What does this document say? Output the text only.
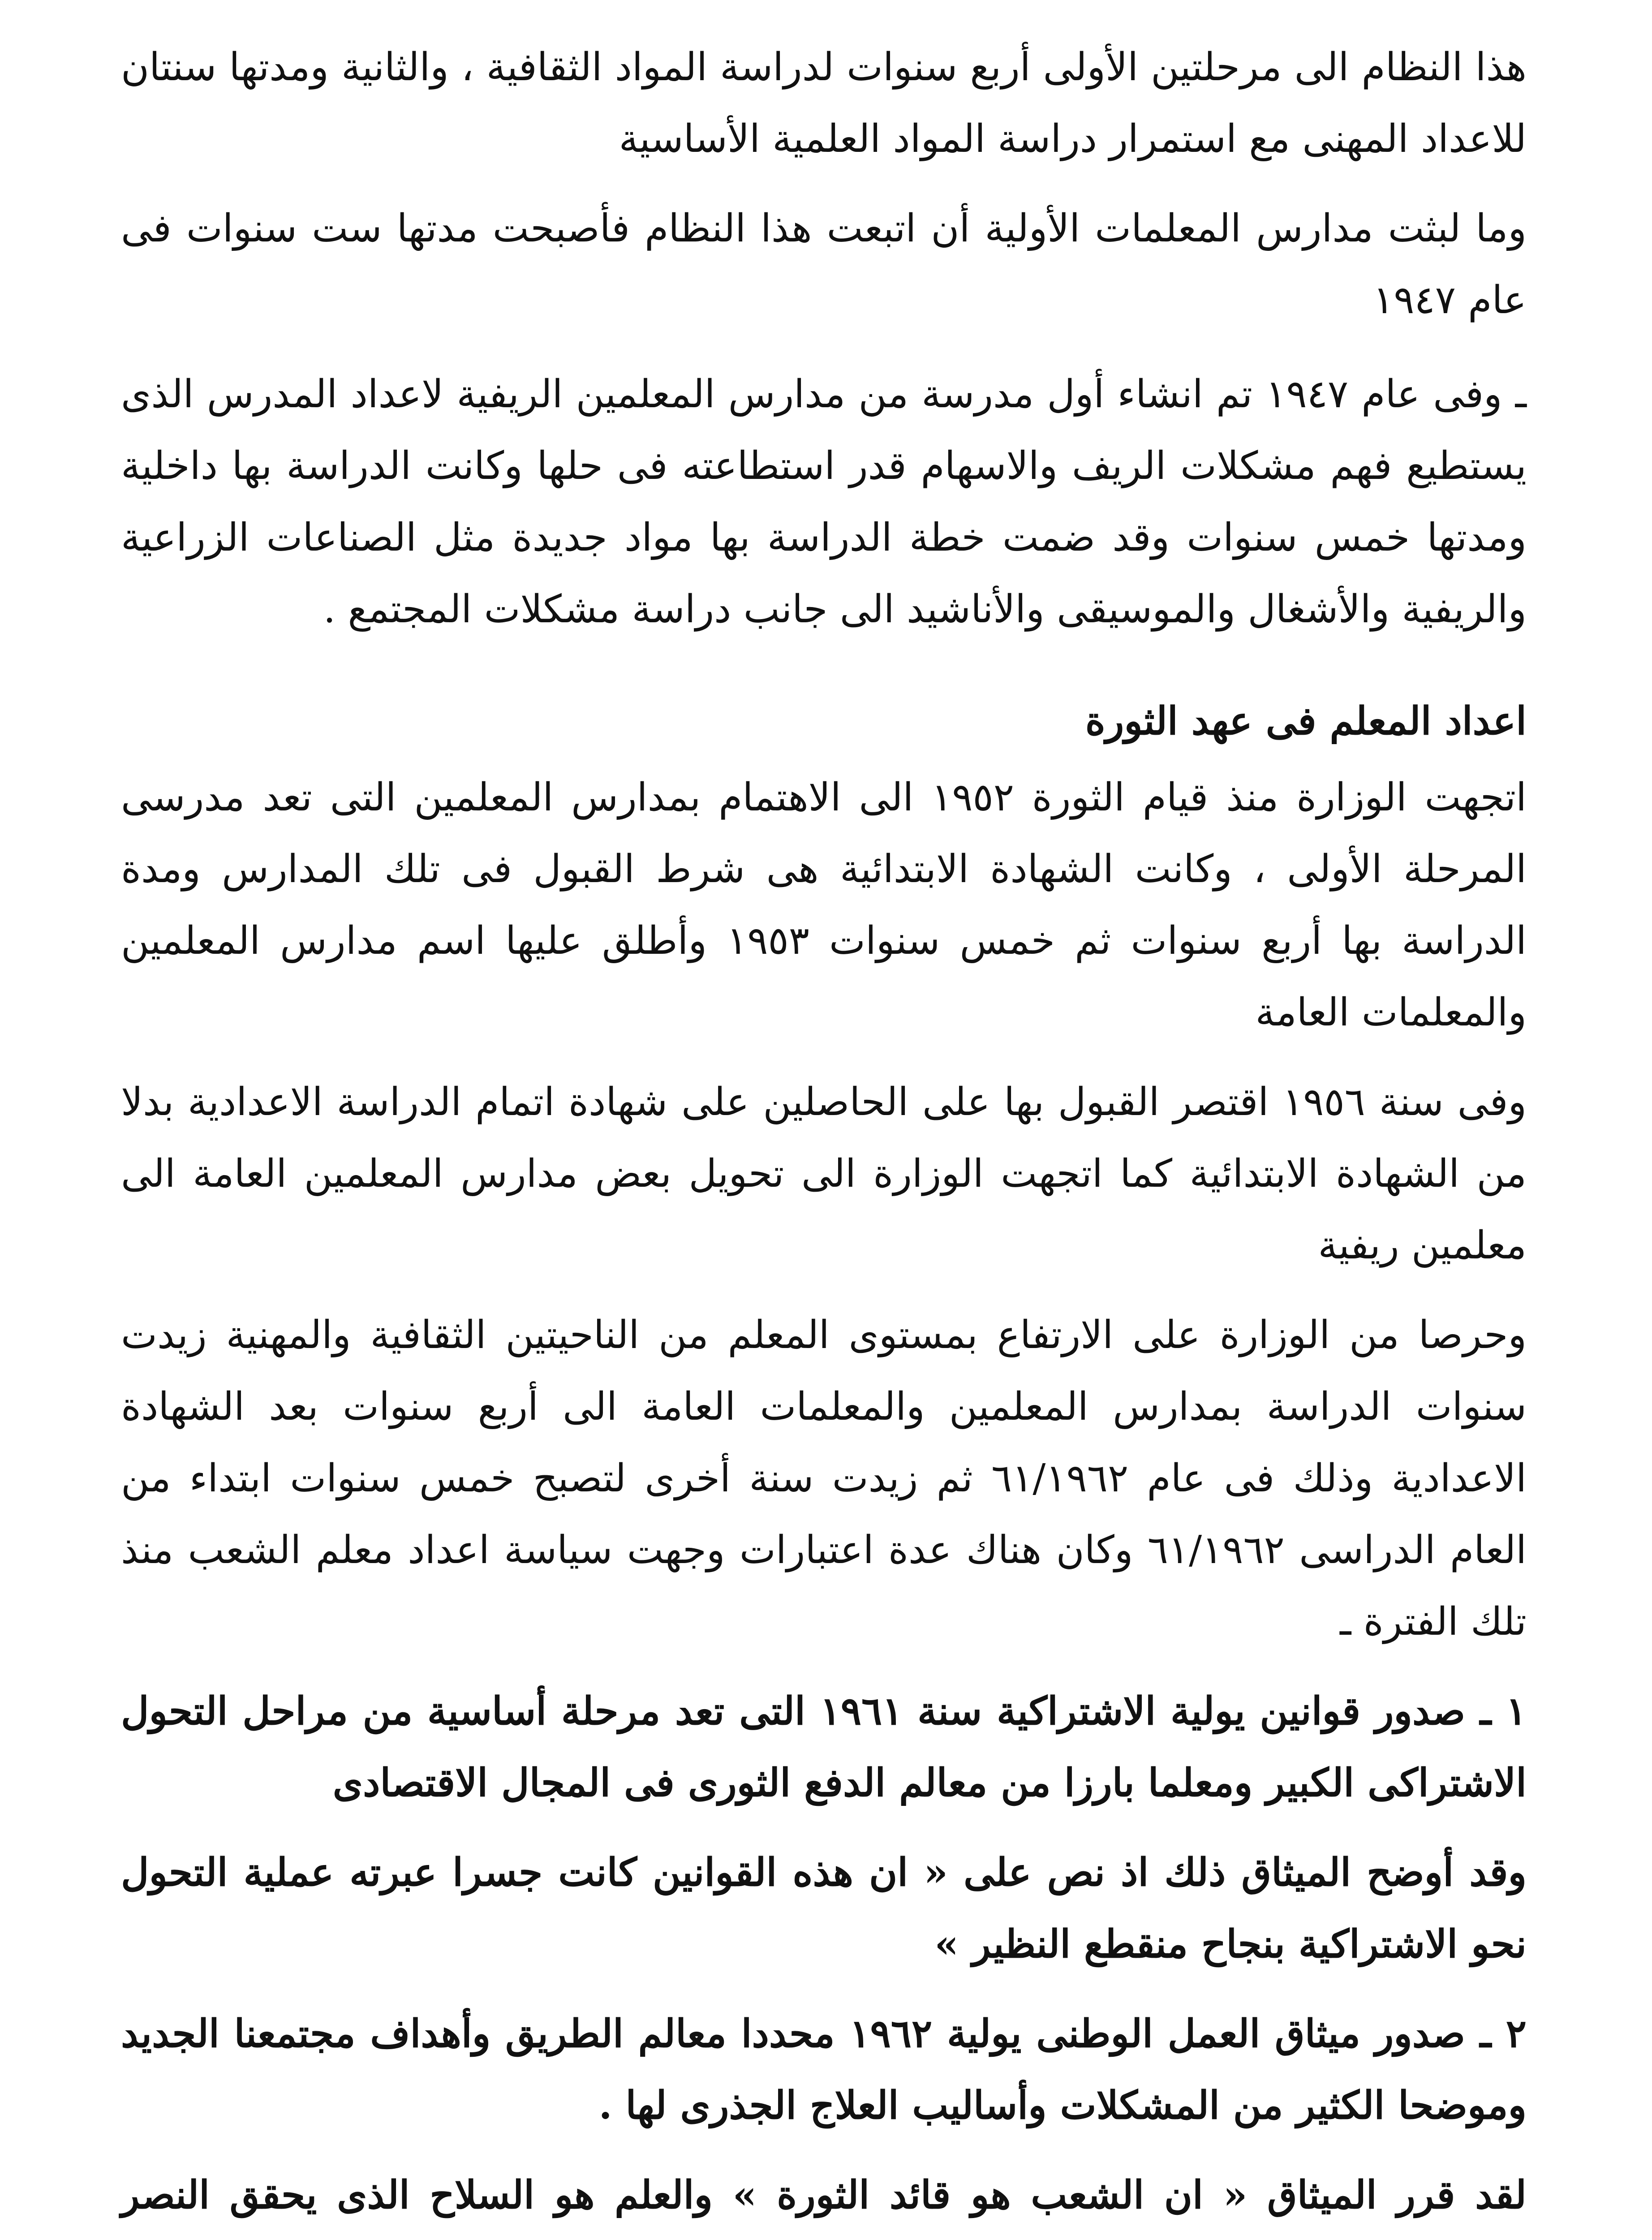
هذا النظام الى مرحلتين الأولى أربع سنوات لدراسة المواد الثقافية ، والثانية ومدتها سنتان للاعداد المهنى مع استمرار دراسة المواد العلمية الأساسية

وما لبثت مدارس المعلمات الأولية أن اتبعت هذا النظام فأصبحت مدتها ست سنوات فى عام ١٩٤٧

ـ وفى عام ١٩٤٧ تم انشاء أول مدرسة من مدارس المعلمين الريفية لاعداد المدرس الذى يستطيع فهم مشكلات الريف والاسهام قدر استطاعته فى حلها وكانت الدراسة بها داخلية ومدتها خمس سنوات وقد ضمت خطة الدراسة بها مواد جديدة مثل الصناعات الزراعية والريفية والأشغال والموسيقى والأناشيد الى جانب دراسة مشكلات المجتمع .

اعداد المعلم فى عهد الثورة

اتجهت الوزارة منذ قيام الثورة ١٩٥٢ الى الاهتمام بمدارس المعلمين التى تعد مدرسى المرحلة الأولى ، وكانت الشهادة الابتدائية هى شرط القبول فى تلك المدارس ومدة الدراسة بها أربع سنوات ثم خمس سنوات ١٩٥٣ وأطلق عليها اسم مدارس المعلمين والمعلمات العامة

وفى سنة ١٩٥٦ اقتصر القبول بها على الحاصلين على شهادة اتمام الدراسة الاعدادية بدلا من الشهادة الابتدائية كما اتجهت الوزارة الى تحويل بعض مدارس المعلمين العامة الى معلمين ريفية

وحرصا من الوزارة على الارتفاع بمستوى المعلم من الناحيتين الثقافية والمهنية زيدت سنوات الدراسة بمدارس المعلمين والمعلمات العامة الى أربع سنوات بعد الشهادة الاعدادية وذلك فى عام ٦١/١٩٦٢ ثم زيدت سنة أخرى لتصبح خمس سنوات ابتداء من العام الدراسى ٦١/١٩٦٢ وكان هناك عدة اعتبارات وجهت سياسة اعداد معلم الشعب منذ تلك الفترة ـ

١ ـ صدور قوانين يولية الاشتراكية سنة ١٩٦١ التى تعد مرحلة أساسية من مراحل التحول الاشتراكى الكبير ومعلما بارزا من معالم الدفع الثورى فى المجال الاقتصادى

وقد أوضح الميثاق ذلك اذ نص على « ان هذه القوانين كانت جسرا عبرته عملية التحول نحو الاشتراكية بنجاح منقطع النظير »

٢ ـ صدور ميثاق العمل الوطنى يولية ١٩٦٢ محددا معالم الطريق وأهداف مجتمعنا الجديد وموضحا الكثير من المشكلات وأساليب العلاج الجذرى لها .

لقد قرر الميثاق « ان الشعب هو قائد الثورة » والعلم هو السلاح الذى يحقق النصر
